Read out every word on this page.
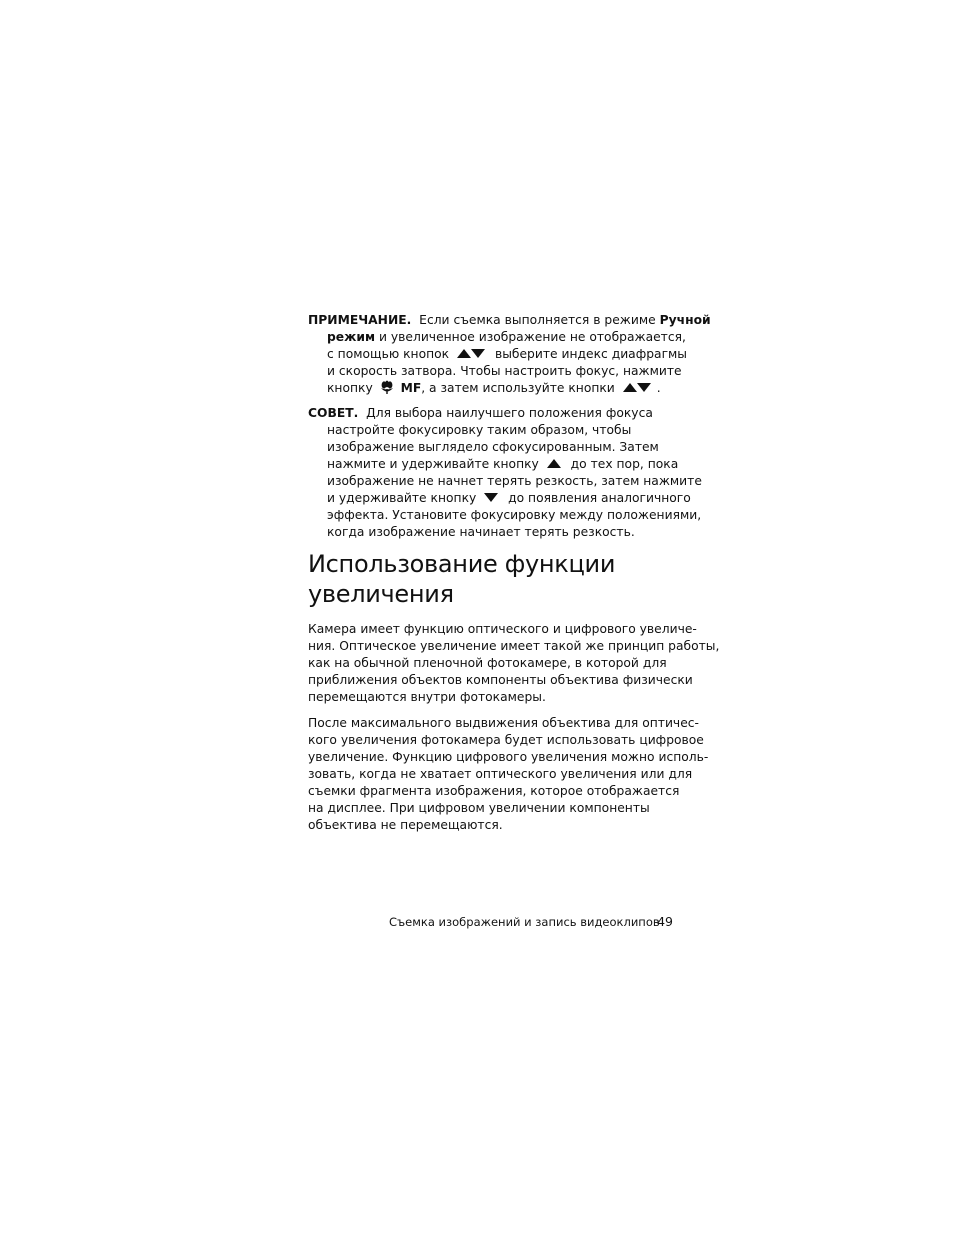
ПРИМЕЧАНИЕ. Если съемка выполняется в режиме Ручной
режим и увеличенное изображение не отображается,
с помощью кнопок	выберите индекс диафрагмы
и скорость затвора. Чтобы настроить фокус, нажмите
кнопку MF, а затем используйте кнопки	.
СОВЕТ. Для выбора наилучшего положения фокуса
настройте фокусировку таким образом, чтобы
изображение выглядело сфокусированным. Затем
нажмите и удерживайте кнопку	до тех пор, пока
изображение не начнет терять резкость, затем нажмите
и удерживайте кнопку	до появления аналогичного
эффекта. Установите фокусировку между положениями,
когда изображение начинает терять резкость.
Использование функции
увеличения

Камера имеет функцию оптического и цифрового увеличе-
ния. Оптическое увеличение имеет такой же принцип работы,
как на обычной пленочной фотокамере, в которой для
приближения объектов компоненты объектива физически
перемещаются внутри фотокамеры.

После максимального выдвижения объектива для оптичес-
кого увеличения фотокамера будет использовать цифровое
увеличение. Функцию цифрового увеличения можно исполь-
зовать, когда не хватает оптического увеличения или для
съемки фрагмента изображения, которое отображается
на дисплее. При цифровом увеличении компоненты
объектива не перемещаются.

Съемка изображений и запись видеоклипов
49
